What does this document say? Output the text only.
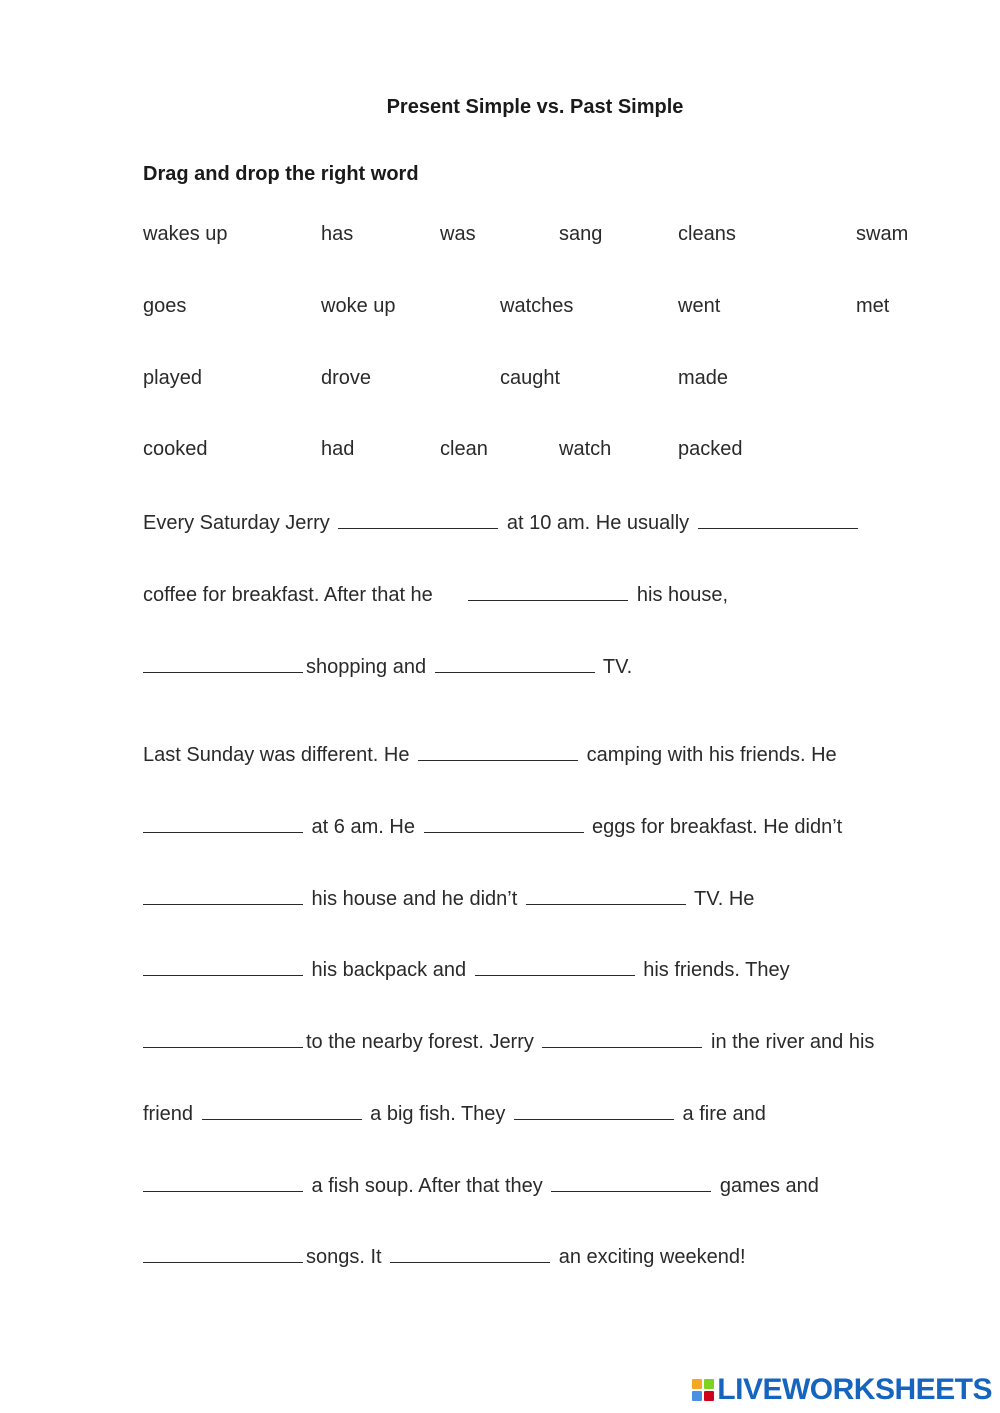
Present Simple vs. Past Simple
Drag and drop the right word
wakes up	has	was	sang	cleans	swam
goes	woke up	watches	went	met
played	drove	caught	made
cooked	had	clean	watch	packed
Every Saturday Jerry	at 10 am. He usually
coffee for breakfast. After that he	his house,
shopping and	TV.
Last Sunday was different. He	camping with his friends. He
at 6 am. He	eggs for breakfast. He didn’t
his house and he didn’t	TV. He
his backpack and	his friends. They
to the nearby forest. Jerry	in the river and his
friend	a big fish. They	a fire and
a fish soup. After that they	games and
songs. It	an exciting weekend!
LIVEWORKSHEETS
